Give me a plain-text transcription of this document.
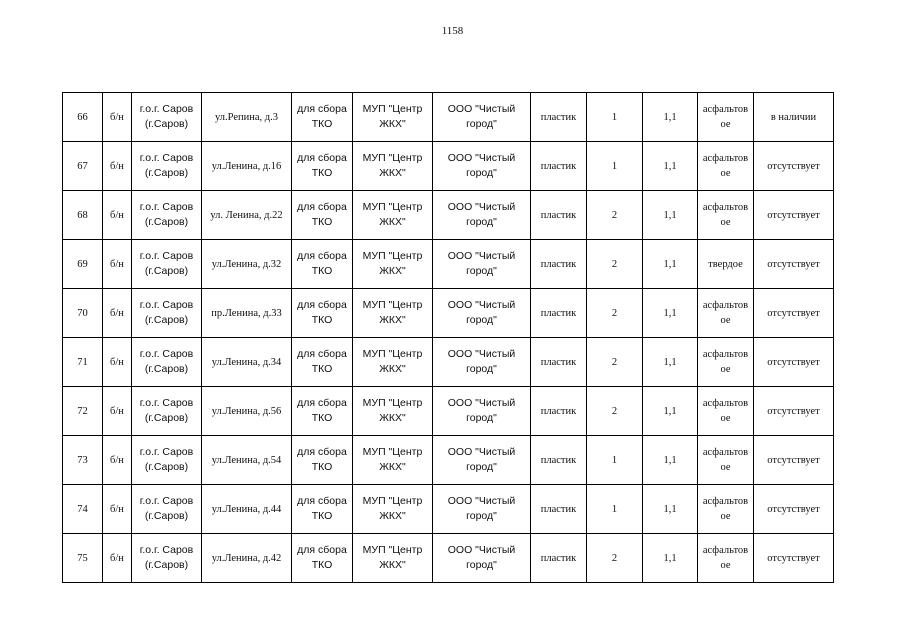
1158
66	б/н	г.о.г. Саров (г.Саров)	ул.Репина, д.3	для сбора ТКО	МУП "Центр ЖКХ"	ООО "Чистый город"	пластик	1	1,1	асфальтов ое	в наличии
67	б/н	г.о.г. Саров (г.Саров)	ул.Ленина, д.16	для сбора ТКО	МУП "Центр ЖКХ"	ООО "Чистый город"	пластик	1	1,1	асфальтов ое	отсутствует
68	б/н	г.о.г. Саров (г.Саров)	ул. Ленина, д.22	для сбора ТКО	МУП "Центр ЖКХ"	ООО "Чистый город"	пластик	2	1,1	асфальтов ое	отсутствует
69	б/н	г.о.г. Саров (г.Саров)	ул.Ленина, д.32	для сбора ТКО	МУП "Центр ЖКХ"	ООО "Чистый город"	пластик	2	1,1	твердое	отсутствует
70	б/н	г.о.г. Саров (г.Саров)	пр.Ленина, д.33	для сбора ТКО	МУП "Центр ЖКХ"	ООО "Чистый город"	пластик	2	1,1	асфальтов ое	отсутствует
71	б/н	г.о.г. Саров (г.Саров)	ул.Ленина, д.34	для сбора ТКО	МУП "Центр ЖКХ"	ООО "Чистый город"	пластик	2	1,1	асфальтов ое	отсутствует
72	б/н	г.о.г. Саров (г.Саров)	ул.Ленина, д.56	для сбора ТКО	МУП "Центр ЖКХ"	ООО "Чистый город"	пластик	2	1,1	асфальтов ое	отсутствует
73	б/н	г.о.г. Саров (г.Саров)	ул.Ленина, д.54	для сбора ТКО	МУП "Центр ЖКХ"	ООО "Чистый город"	пластик	1	1,1	асфальтов ое	отсутствует
74	б/н	г.о.г. Саров (г.Саров)	ул.Ленина, д.44	для сбора ТКО	МУП "Центр ЖКХ"	ООО "Чистый город"	пластик	1	1,1	асфальтов ое	отсутствует
75	б/н	г.о.г. Саров (г.Саров)	ул.Ленина, д.42	для сбора ТКО	МУП "Центр ЖКХ"	ООО "Чистый город"	пластик	2	1,1	асфальтов ое	отсутствует
